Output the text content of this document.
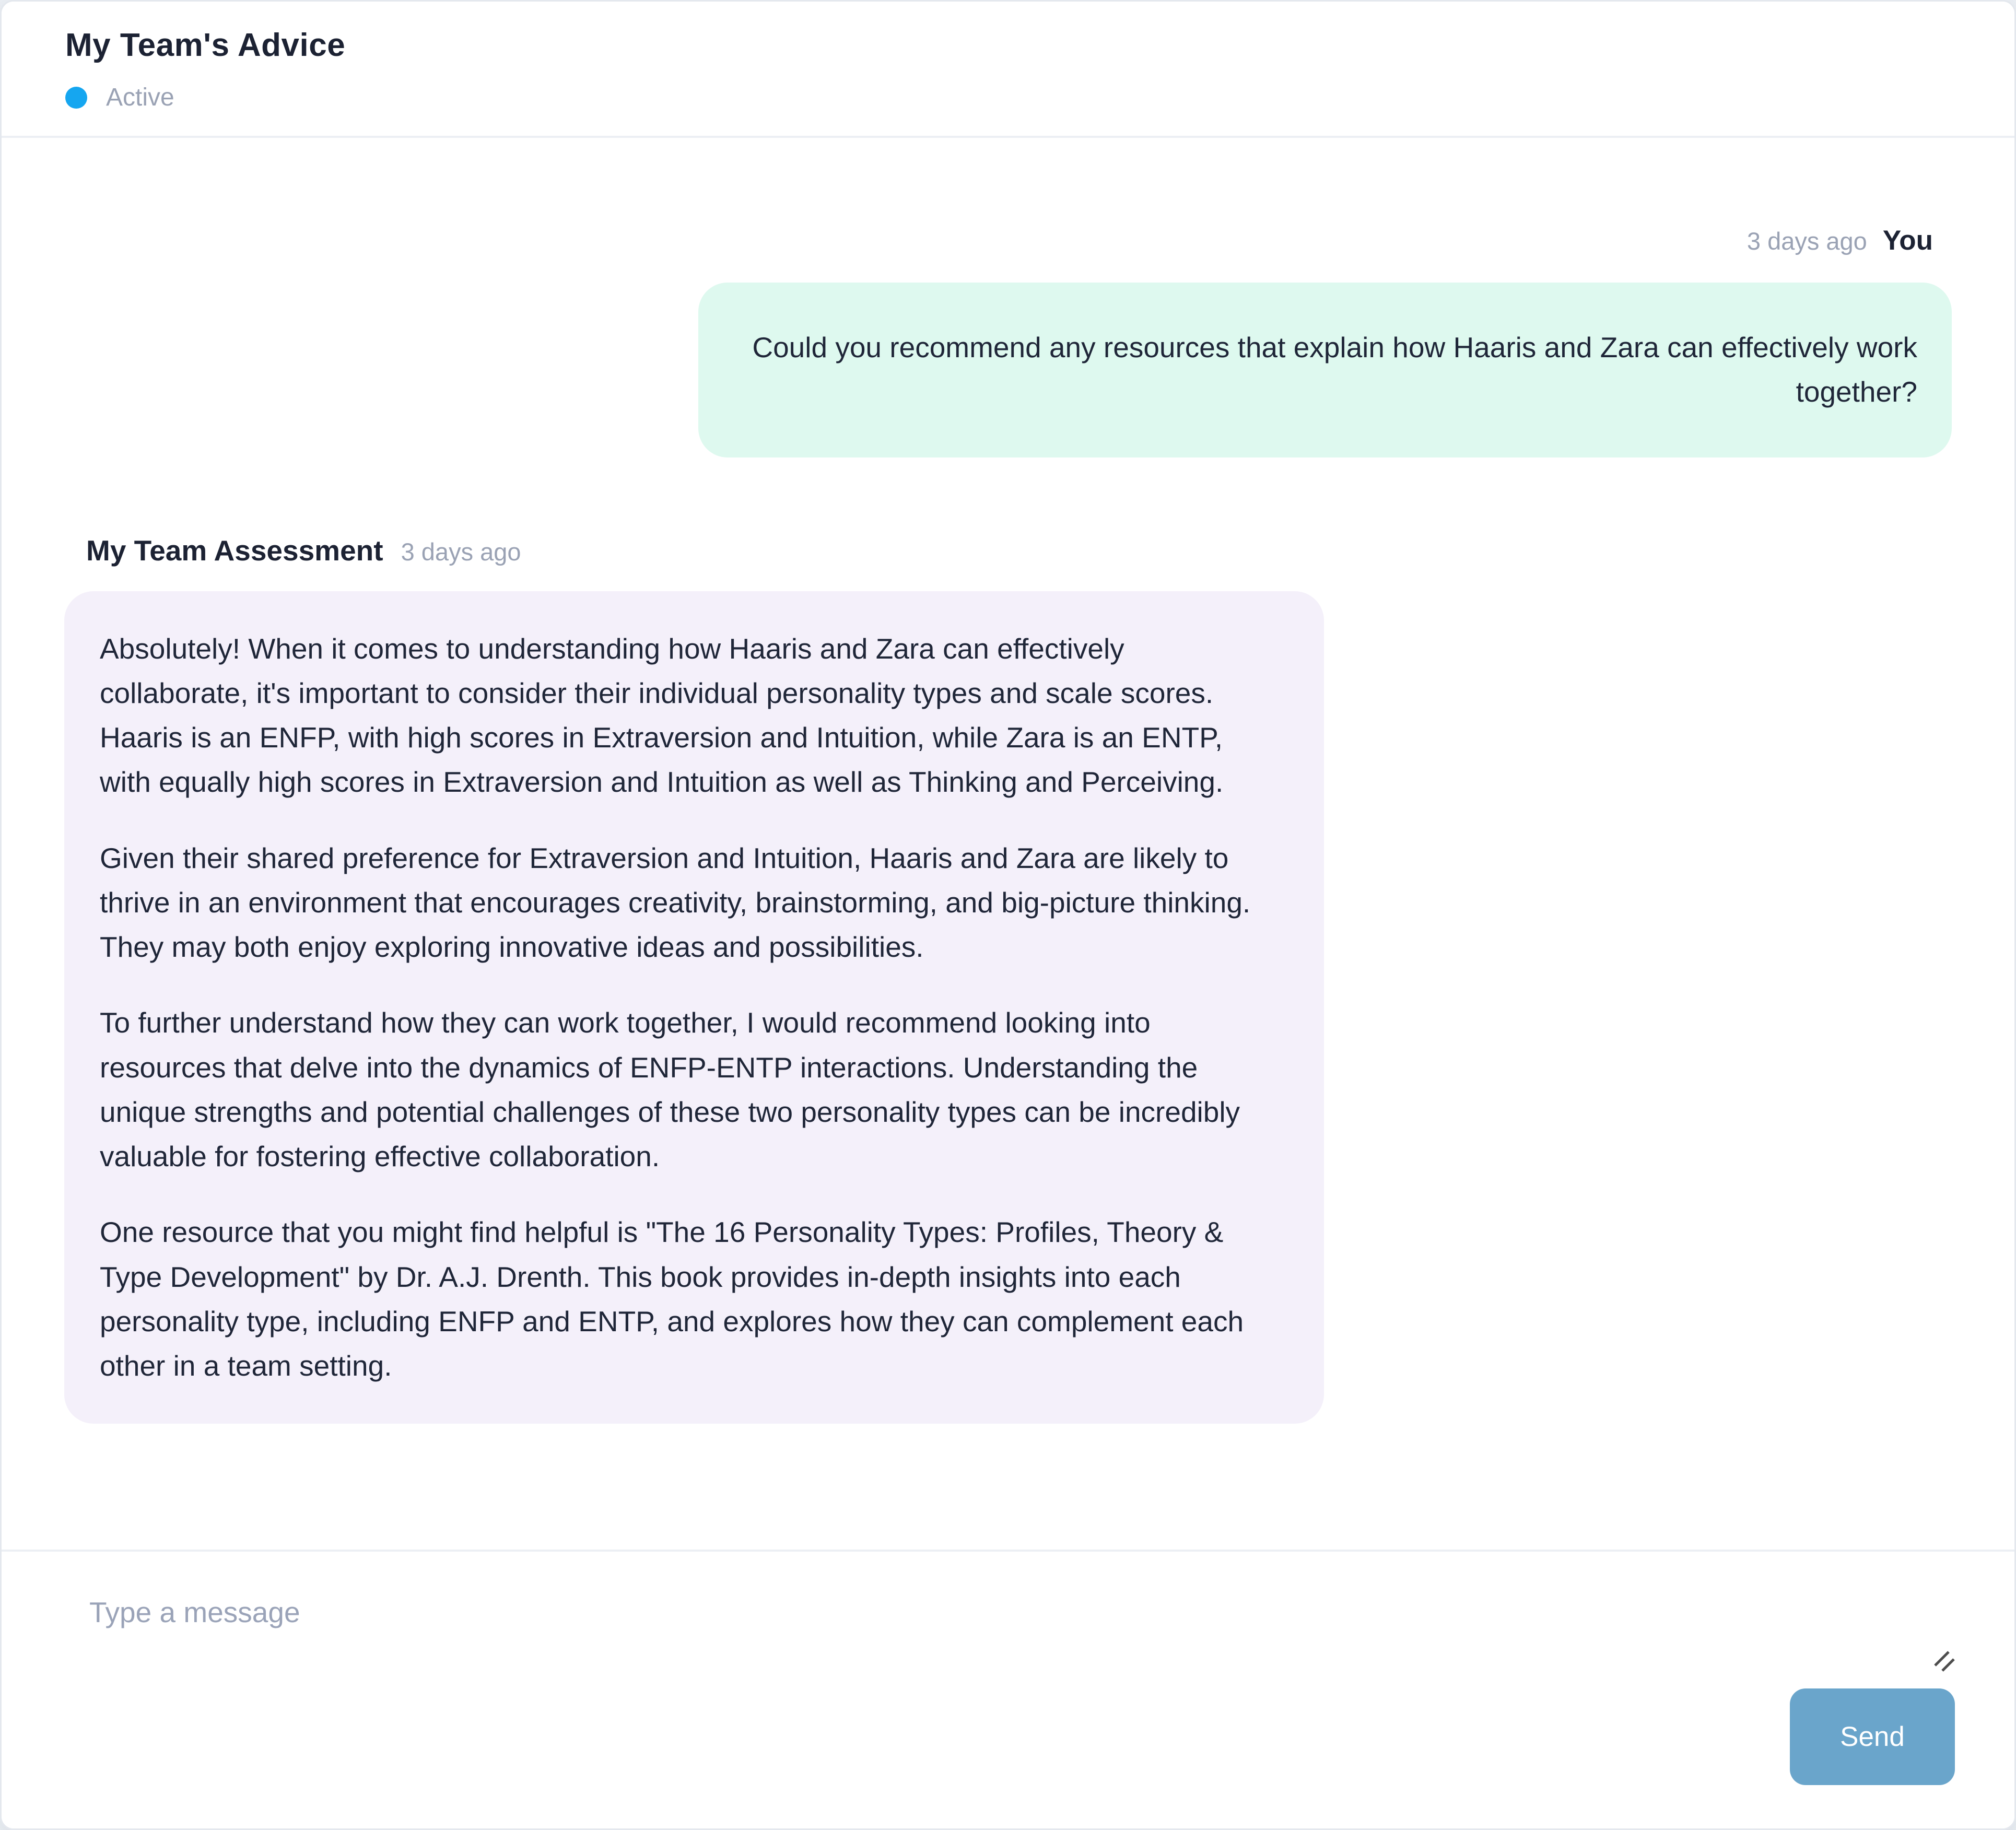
My Team's Advice
Active
3 days ago You
Could you recommend any resources that explain how Haaris and Zara can effectively work together?
My Team Assessment 3 days ago

Absolutely! When it comes to understanding how Haaris and Zara can effectively collaborate, it's important to consider their individual personality types and scale scores. Haaris is an ENFP, with high scores in Extraversion and Intuition, while Zara is an ENTP, with equally high scores in Extraversion and Intuition as well as Thinking and Perceiving.

Given their shared preference for Extraversion and Intuition, Haaris and Zara are likely to thrive in an environment that encourages creativity, brainstorming, and big-picture thinking. They may both enjoy exploring innovative ideas and possibilities.

To further understand how they can work together, I would recommend looking into resources that delve into the dynamics of ENFP-ENTP interactions. Understanding the unique strengths and potential challenges of these two personality types can be incredibly valuable for fostering effective collaboration.

One resource that you might find helpful is "The 16 Personality Types: Profiles, Theory & Type Development" by Dr. A.J. Drenth. This book provides in-depth insights into each personality type, including ENFP and ENTP, and explores how they can complement each other in a team setting.

Type a message
Send
